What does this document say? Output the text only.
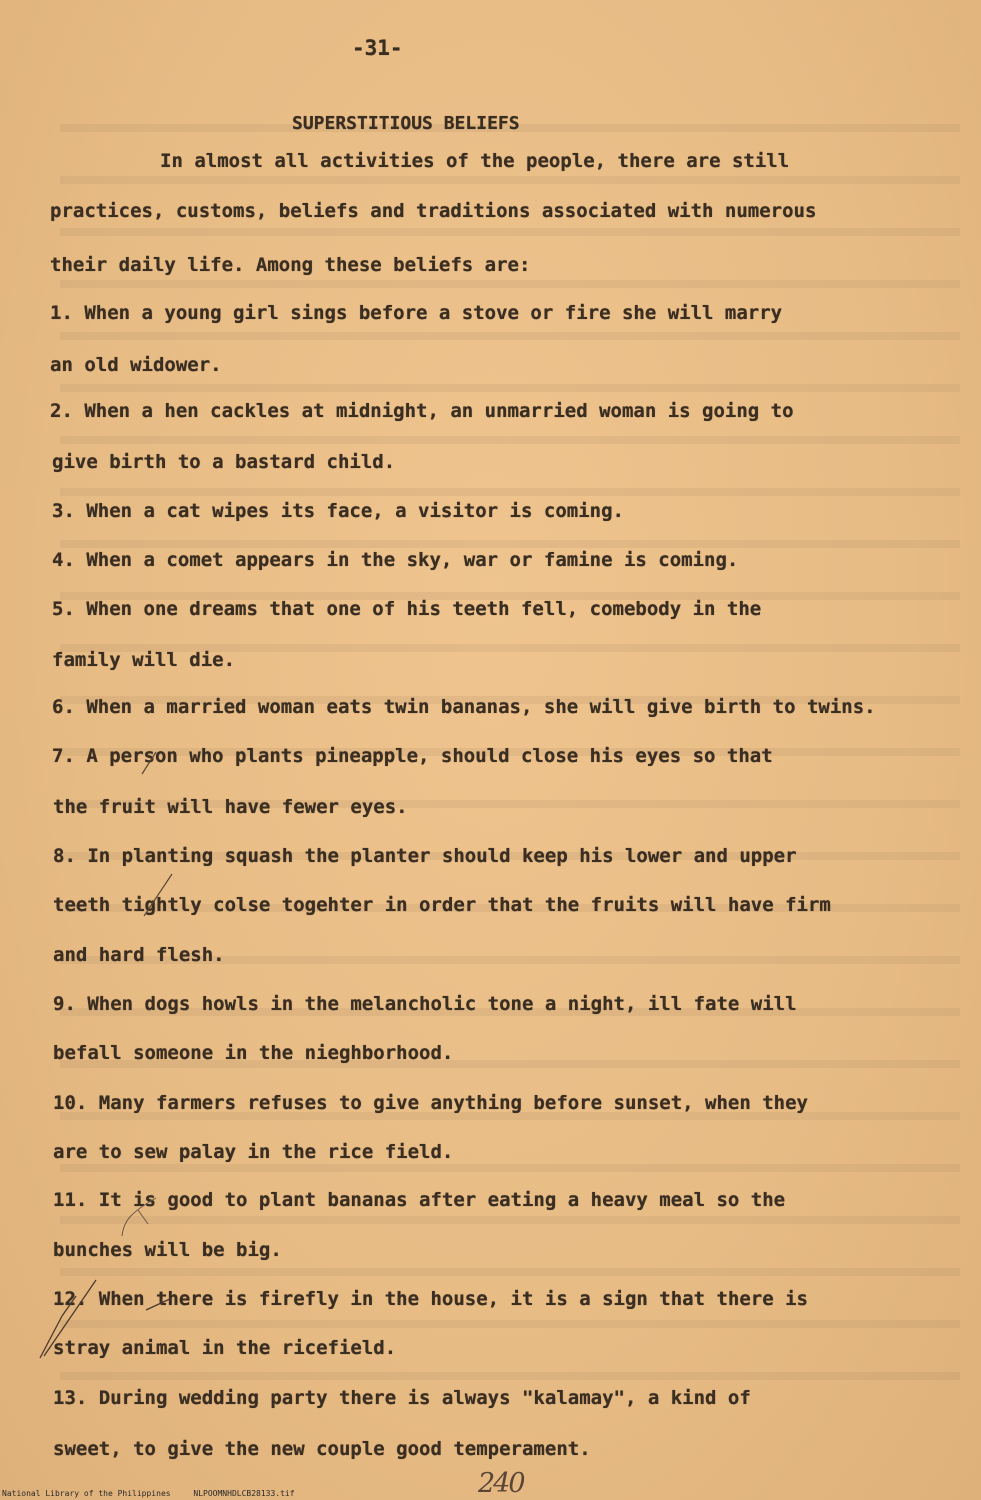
-31-
SUPERSTITIOUS BELIEFS
In almost all activities of the people, there are still
practices, customs, beliefs and traditions associated with numerous
their daily life. Among these beliefs are:
1. When a young girl sings before a stove or fire she will marry
an old widower.
2. When a hen cackles at midnight, an unmarried woman is going to
give birth to a bastard child.
3. When a cat wipes its face, a visitor is coming.
4. When a comet appears in the sky, war or famine is coming.
5. When one dreams that one of his teeth fell, comebody in the
family will die.
6. When a married woman eats twin bananas, she will give birth to twins.
7. A person who plants pineapple, should close his eyes so that
the fruit will have fewer eyes.
8. In planting squash the planter should keep his lower and upper
teeth tightly colse togehter in order that the fruits will have firm
and hard flesh.
9. When dogs howls in the melancholic tone a night, ill fate will
befall someone in the nieghborhood.
10. Many farmers refuses to give anything before sunset, when they
are to sew palay in the rice field.
11. It is good to plant bananas after eating a heavy meal so the
bunches will be big.
12. When there is firefly in the house, it is a sign that there is
stray animal in the ricefield.
13. During wedding party there is always "kalamay", a kind of
sweet, to give the new couple good temperament.
240
National Library of the Philippines	NLPOOMNHDLCB28133.tif
